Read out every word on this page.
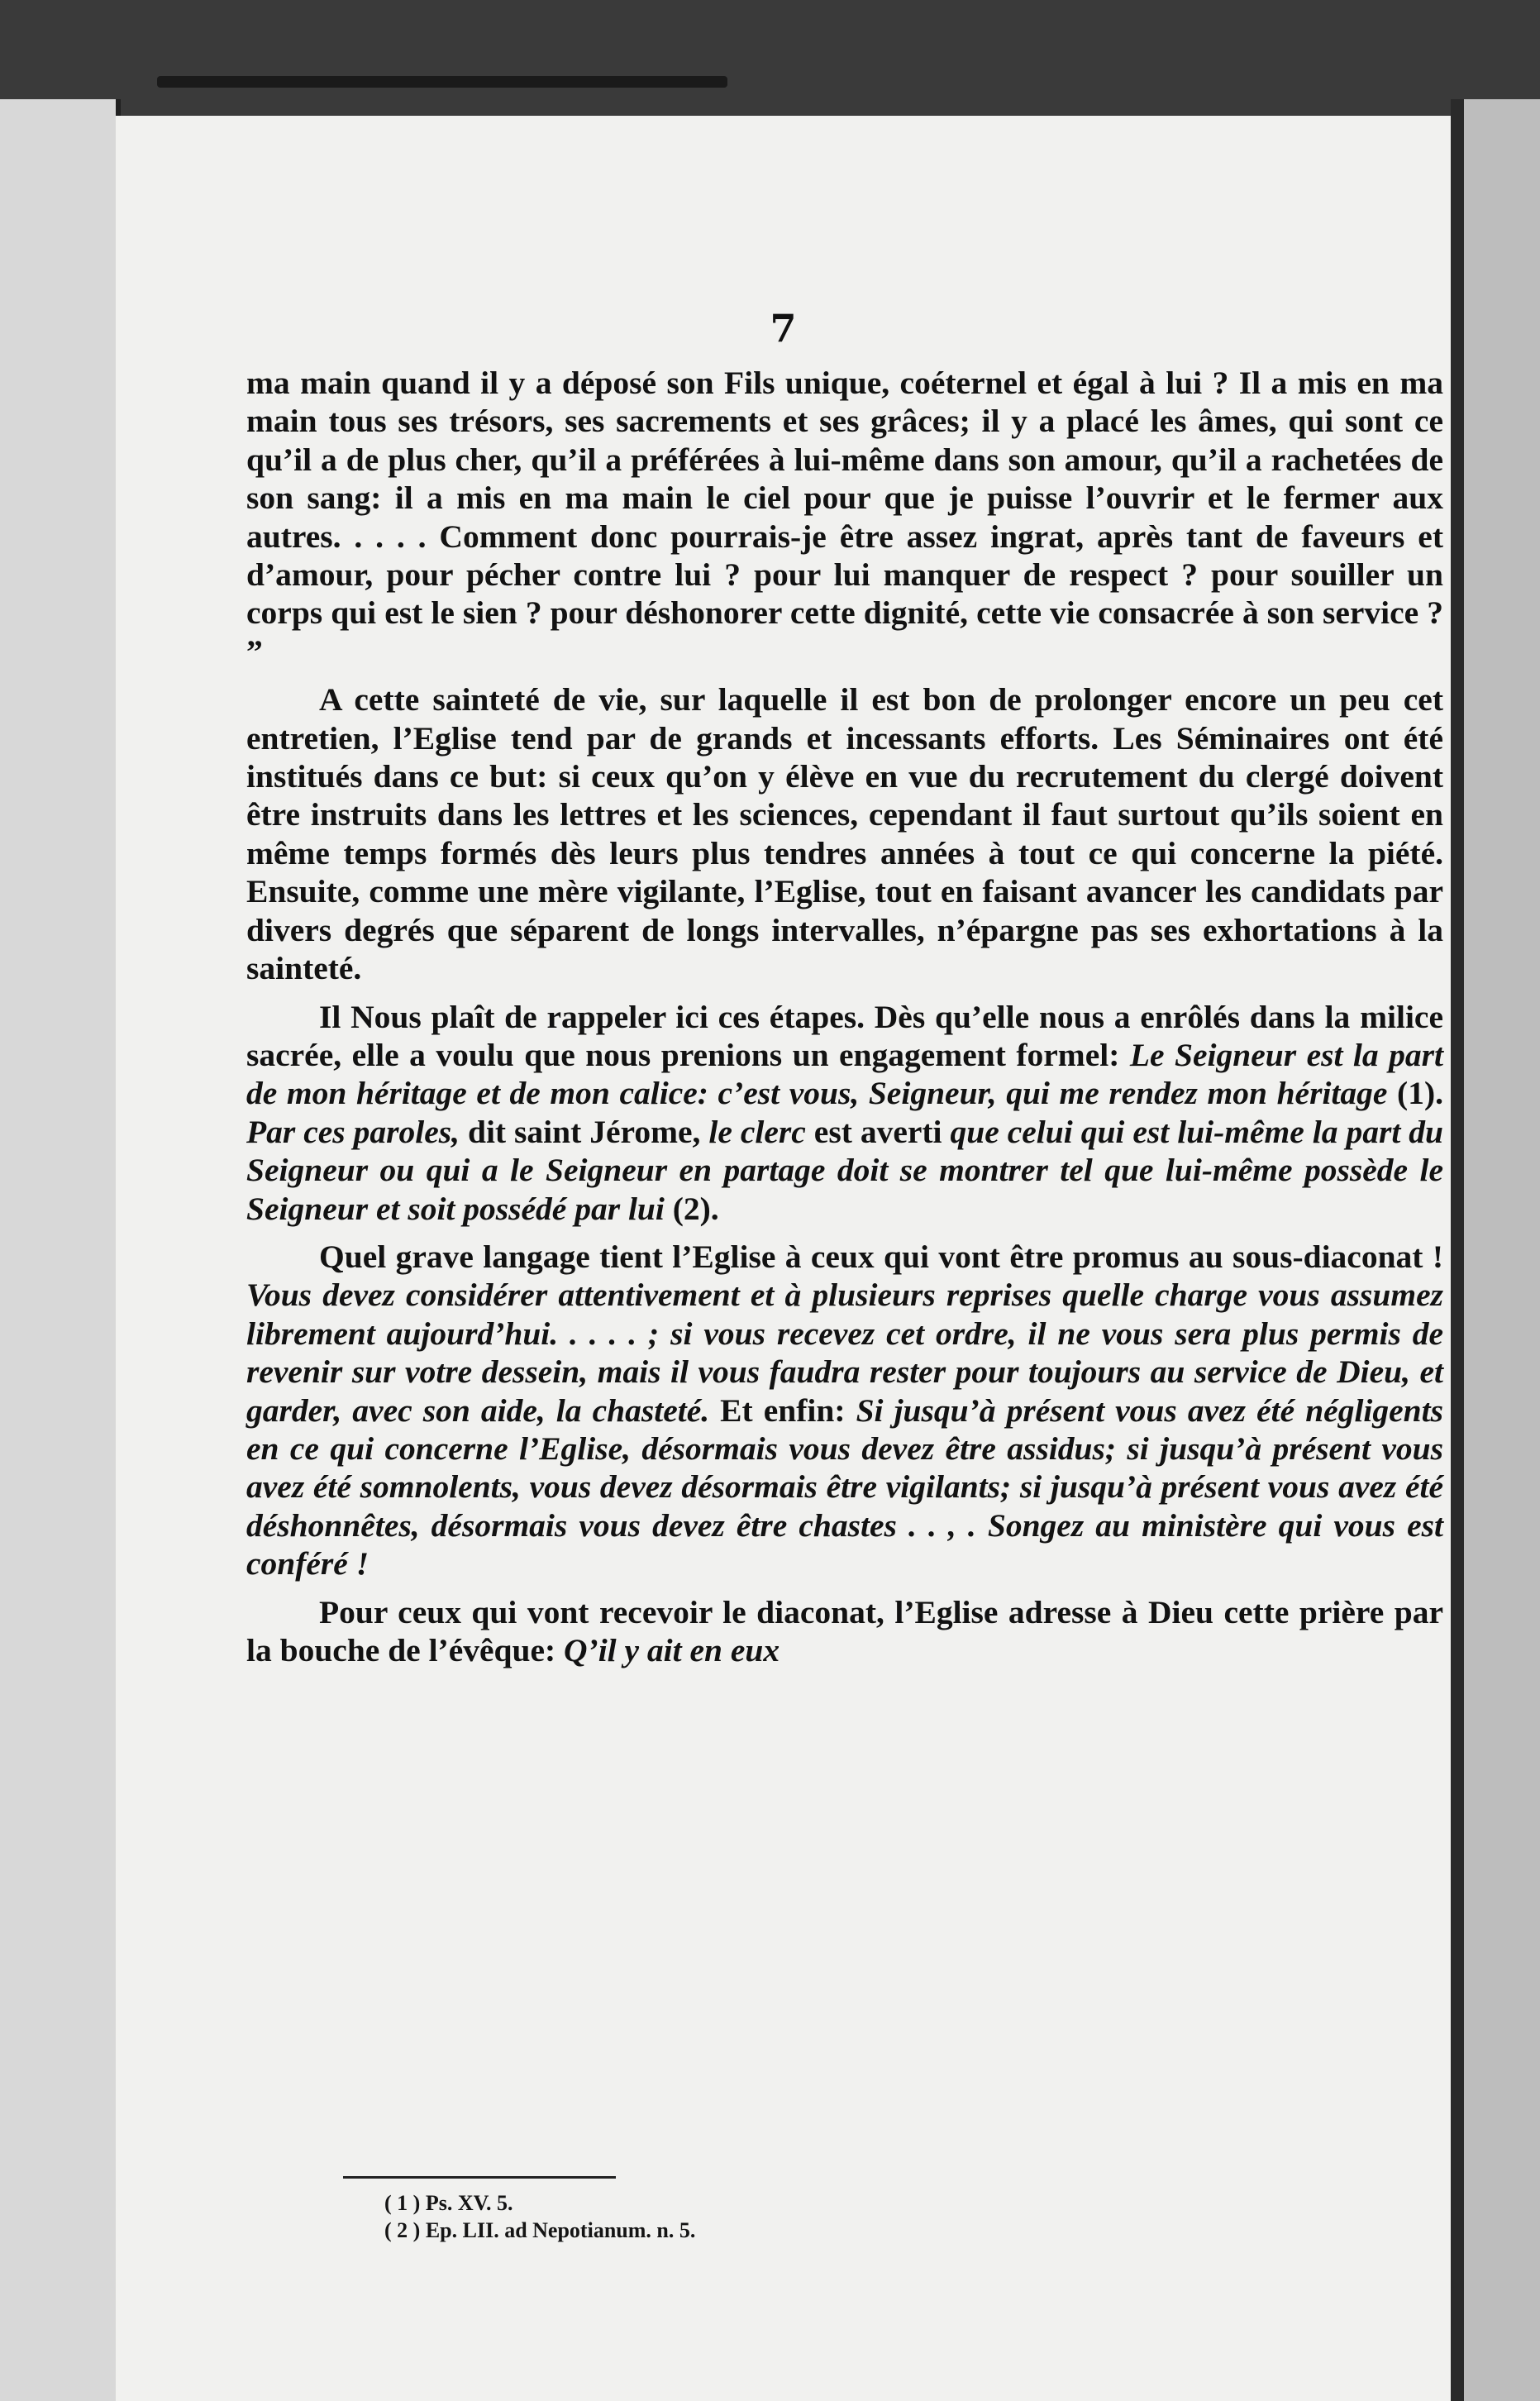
7

ma main quand il y a déposé son Fils unique, coéternel et égal à lui ? Il a mis en ma main tous ses trésors, ses sacrements et ses grâces; il y a placé les âmes, qui sont ce qu’il a de plus cher, qu’il a préférées à lui-même dans son amour, qu’il a rachetées de son sang: il a mis en ma main le ciel pour que je puisse l’ouvrir et le fermer aux autres. . . . . Comment donc pourrais-je être assez ingrat, après tant de faveurs et d’amour, pour pécher contre lui ? pour lui manquer de respect ? pour souiller un corps qui est le sien ? pour déshonorer cette dignité, cette vie consacrée à son service ? ”

A cette sainteté de vie, sur laquelle il est bon de prolonger encore un peu cet entretien, l’Eglise tend par de grands et incessants efforts. Les Séminaires ont été institués dans ce but: si ceux qu’on y élève en vue du recrutement du clergé doivent être instruits dans les lettres et les sciences, cependant il faut surtout qu’ils soient en même temps formés dès leurs plus tendres années à tout ce qui concerne la piété. Ensuite, comme une mère vigilante, l’Eglise, tout en faisant avancer les candidats par divers degrés que séparent de longs intervalles, n’épargne pas ses exhortations à la sainteté.

Il Nous plaît de rappeler ici ces étapes. Dès qu’elle nous a enrôlés dans la milice sacrée, elle a voulu que nous prenions un engagement formel: Le Seigneur est la part de mon héritage et de mon calice: c’est vous, Seigneur, qui me rendez mon héritage (1). Par ces paroles, dit saint Jérome, le clerc est averti que celui qui est lui-même la part du Seigneur ou qui a le Seigneur en partage doit se montrer tel que lui-même possède le Seigneur et soit possédé par lui (2).

Quel grave langage tient l’Eglise à ceux qui vont être promus au sous-diaconat ! Vous devez considérer attentivement et à plusieurs reprises quelle charge vous assumez librement aujourd’hui. . . . . ; si vous recevez cet ordre, il ne vous sera plus permis de revenir sur votre dessein, mais il vous faudra rester pour toujours au service de Dieu, et garder, avec son aide, la chasteté. Et enfin: Si jusqu’à présent vous avez été négligents en ce qui concerne l’Eglise, désormais vous devez être assidus; si jusqu’à présent vous avez été somnolents, vous devez désormais être vigilants; si jusqu’à présent vous avez été déshonnêtes, désormais vous devez être chastes . . , . Songez au ministère qui vous est conféré !

Pour ceux qui vont recevoir le diaconat, l’Eglise adresse à Dieu cette prière par la bouche de l’évêque: Q’il y ait en eux

( 1 ) Ps. XV. 5.
( 2 ) Ep. LII. ad Nepotianum. n. 5.
